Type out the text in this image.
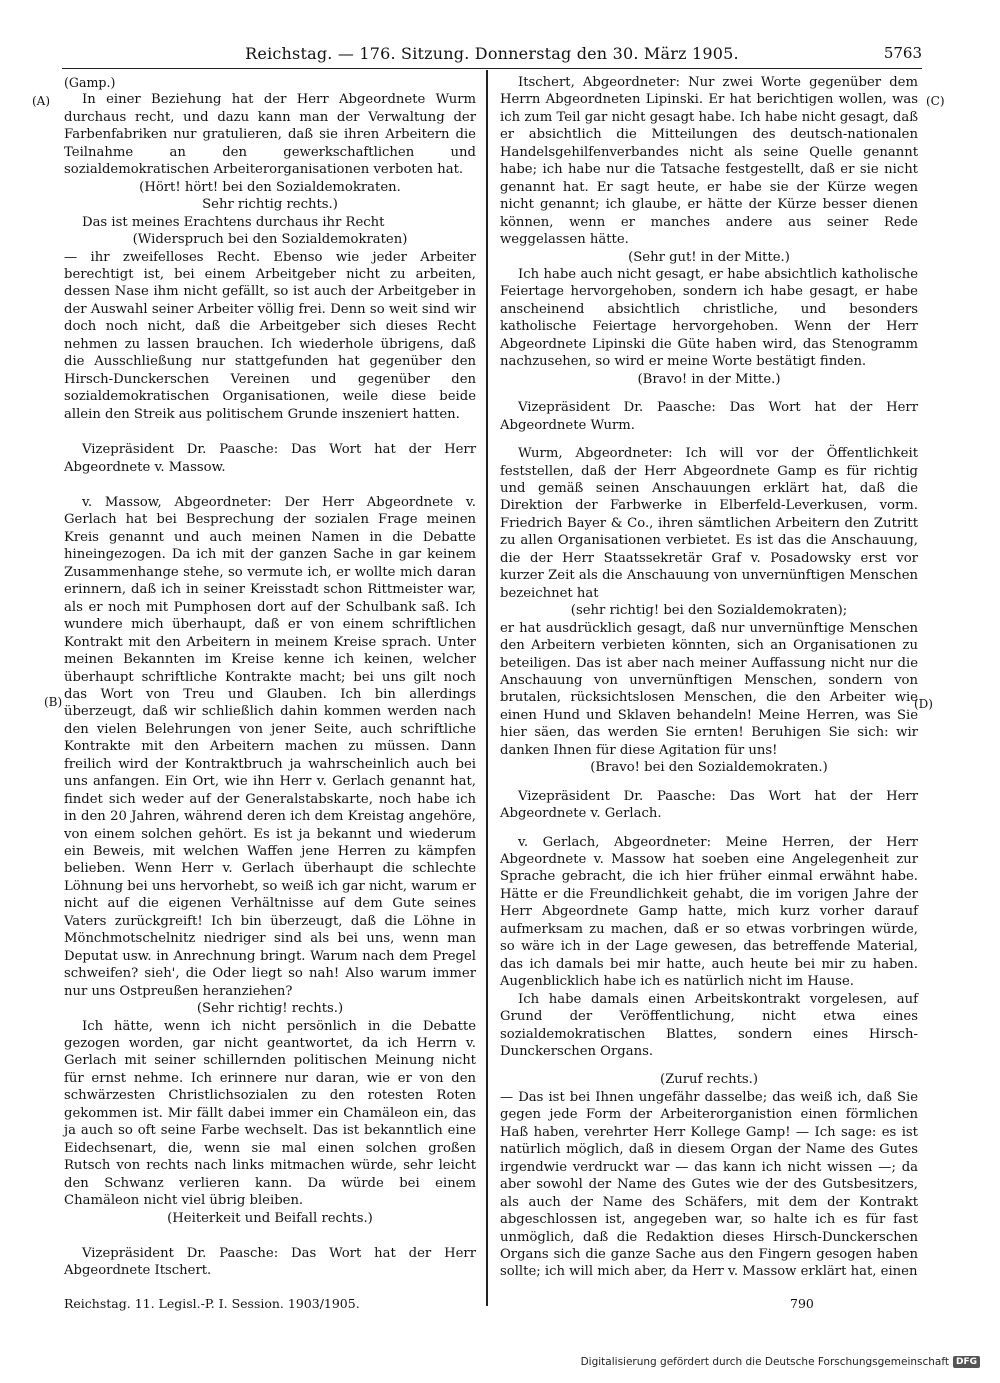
Reichstag. — 176. Sitzung. Donnerstag den 30. März 1905.	5763
(A)
(B)
(C)
(D)

(Gamp.)

In einer Beziehung hat der Herr Abgeordnete Wurm durchaus recht, und dazu kann man der Verwaltung der Farbenfabriken nur gratulieren, daß sie ihren Arbeitern die Teilnahme an den gewerkschaftlichen und sozialdemokratischen Arbeiterorganisationen verboten hat.

(Hört! hört! bei den Sozialdemokraten.

Sehr richtig rechts.)

Das ist meines Erachtens durchaus ihr Recht

(Widerspruch bei den Sozialdemokraten)

— ihr zweifelloses Recht. Ebenso wie jeder Arbeiter berechtigt ist, bei einem Arbeitgeber nicht zu arbeiten, dessen Nase ihm nicht gefällt, so ist auch der Arbeitgeber in der Auswahl seiner Arbeiter völlig frei. Denn so weit sind wir doch noch nicht, daß die Arbeitgeber sich dieses Recht nehmen zu lassen brauchen. Ich wiederhole übrigens, daß die Ausschließung nur stattgefunden hat gegenüber den Hirsch-Dunckerschen Vereinen und gegenüber den sozialdemokratischen Organisationen, weile diese beide allein den Streik aus politischem Grunde inszeniert hatten.

Vizepräsident Dr. Paasche: Das Wort hat der Herr Abgeordnete v. Massow.

v. Massow, Abgeordneter: Der Herr Abgeordnete v. Gerlach hat bei Besprechung der sozialen Frage meinen Kreis genannt und auch meinen Namen in die Debatte hineingezogen. Da ich mit der ganzen Sache in gar keinem Zusammenhange stehe, so vermute ich, er wollte mich daran erinnern, daß ich in seiner Kreisstadt schon Rittmeister war, als er noch mit Pumphosen dort auf der Schulbank saß. Ich wundere mich überhaupt, daß er von einem schriftlichen Kontrakt mit den Arbeitern in meinem Kreise sprach. Unter meinen Bekannten im Kreise kenne ich keinen, welcher überhaupt schriftliche Kontrakte macht; bei uns gilt noch das Wort von Treu und Glauben. Ich bin allerdings überzeugt, daß wir schließlich dahin kommen werden nach den vielen Belehrungen von jener Seite, auch schriftliche Kontrakte mit den Arbeitern machen zu müssen. Dann freilich wird der Kontraktbruch ja wahrscheinlich auch bei uns anfangen. Ein Ort, wie ihn Herr v. Gerlach genannt hat, findet sich weder auf der Generalstabskarte, noch habe ich in den 20 Jahren, während deren ich dem Kreistag angehöre, von einem solchen gehört. Es ist ja bekannt und wiederum ein Beweis, mit welchen Waffen jene Herren zu kämpfen belieben. Wenn Herr v. Gerlach überhaupt die schlechte Löhnung bei uns hervorhebt, so weiß ich gar nicht, warum er nicht auf die eigenen Verhältnisse auf dem Gute seines Vaters zurückgreift! Ich bin überzeugt, daß die Löhne in Mönchmotschelnitz niedriger sind als bei uns, wenn man Deputat usw. in Anrechnung bringt. Warum nach dem Pregel schweifen? sieh', die Oder liegt so nah! Also warum immer nur uns Ostpreußen heranziehen?

(Sehr richtig! rechts.)

Ich hätte, wenn ich nicht persönlich in die Debatte gezogen worden, gar nicht geantwortet, da ich Herrn v. Gerlach mit seiner schillernden politischen Meinung nicht für ernst nehme. Ich erinnere nur daran, wie er von den schwärzesten Christlichsozialen zu den rotesten Roten gekommen ist. Mir fällt dabei immer ein Chamäleon ein, das ja auch so oft seine Farbe wechselt. Das ist bekanntlich eine Eidechsenart, die, wenn sie mal einen solchen großen Rutsch von rechts nach links mitmachen würde, sehr leicht den Schwanz verlieren kann. Da würde bei einem Chamäleon nicht viel übrig bleiben.

(Heiterkeit und Beifall rechts.)

Vizepräsident Dr. Paasche: Das Wort hat der Herr Abgeordnete Itschert.

Itschert, Abgeordneter: Nur zwei Worte gegenüber dem Herrn Abgeordneten Lipinski. Er hat berichtigen wollen, was ich zum Teil gar nicht gesagt habe. Ich habe nicht gesagt, daß er absichtlich die Mitteilungen des deutsch-nationalen Handelsgehilfenverbandes nicht als seine Quelle genannt habe; ich habe nur die Tatsache festgestellt, daß er sie nicht genannt hat. Er sagt heute, er habe sie der Kürze wegen nicht genannt; ich glaube, er hätte der Kürze besser dienen können, wenn er manches andere aus seiner Rede weggelassen hätte.

(Sehr gut! in der Mitte.)

Ich habe auch nicht gesagt, er habe absichtlich katholische Feiertage hervorgehoben, sondern ich habe gesagt, er habe anscheinend absichtlich christliche, und besonders katholische Feiertage hervorgehoben. Wenn der Herr Abgeordnete Lipinski die Güte haben wird, das Stenogramm nachzusehen, so wird er meine Worte bestätigt finden.

(Bravo! in der Mitte.)

Vizepräsident Dr. Paasche: Das Wort hat der Herr Abgeordnete Wurm.

Wurm, Abgeordneter: Ich will vor der Öffentlichkeit feststellen, daß der Herr Abgeordnete Gamp es für richtig und gemäß seinen Anschauungen erklärt hat, daß die Direktion der Farbwerke in Elberfeld-Leverkusen, vorm. Friedrich Bayer & Co., ihren sämtlichen Arbeitern den Zutritt zu allen Organisationen verbietet. Es ist das die Anschauung, die der Herr Staatssekretär Graf v. Posadowsky erst vor kurzer Zeit als die Anschauung von unvernünftigen Menschen bezeichnet hat

(sehr richtig! bei den Sozialdemokraten);

er hat ausdrücklich gesagt, daß nur unvernünftige Menschen den Arbeitern verbieten könnten, sich an Organisationen zu beteiligen. Das ist aber nach meiner Auffassung nicht nur die Anschauung von unvernünftigen Menschen, sondern von brutalen, rücksichtslosen Menschen, die den Arbeiter wie einen Hund und Sklaven behandeln! Meine Herren, was Sie hier säen, das werden Sie ernten! Beruhigen Sie sich: wir danken Ihnen für diese Agitation für uns!

(Bravo! bei den Sozialdemokraten.)

Vizepräsident Dr. Paasche: Das Wort hat der Herr Abgeordnete v. Gerlach.

v. Gerlach, Abgeordneter: Meine Herren, der Herr Abgeordnete v. Massow hat soeben eine Angelegenheit zur Sprache gebracht, die ich hier früher einmal erwähnt habe. Hätte er die Freundlichkeit gehabt, die im vorigen Jahre der Herr Abgeordnete Gamp hatte, mich kurz vorher darauf aufmerksam zu machen, daß er so etwas vorbringen würde, so wäre ich in der Lage gewesen, das betreffende Material, das ich damals bei mir hatte, auch heute bei mir zu haben. Augenblicklich habe ich es natürlich nicht im Hause.

Ich habe damals einen Arbeitskontrakt vorgelesen, auf Grund der Veröffentlichung, nicht etwa eines sozialdemokratischen Blattes, sondern eines Hirsch-Dunckerschen Organs.

(Zuruf rechts.)

— Das ist bei Ihnen ungefähr dasselbe; das weiß ich, daß Sie gegen jede Form der Arbeiterorganistion einen förmlichen Haß haben, verehrter Herr Kollege Gamp! — Ich sage: es ist natürlich möglich, daß in diesem Organ der Name des Gutes irgendwie verdruckt war — das kann ich nicht wissen —; da aber sowohl der Name des Gutes wie der des Gutsbesitzers, als auch der Name des Schäfers, mit dem der Kontrakt abgeschlossen ist, angegeben war, so halte ich es für fast unmöglich, daß die Redaktion dieses Hirsch-Dunckerschen Organs sich die ganze Sache aus den Fingern gesogen haben sollte; ich will mich aber, da Herr v. Massow erklärt hat, einen

Reichstag. 11. Legisl.-P. I. Session. 1903/1905.	790
Digitalisierung gefördert durch die Deutsche Forschungsgemeinschaft DFG
